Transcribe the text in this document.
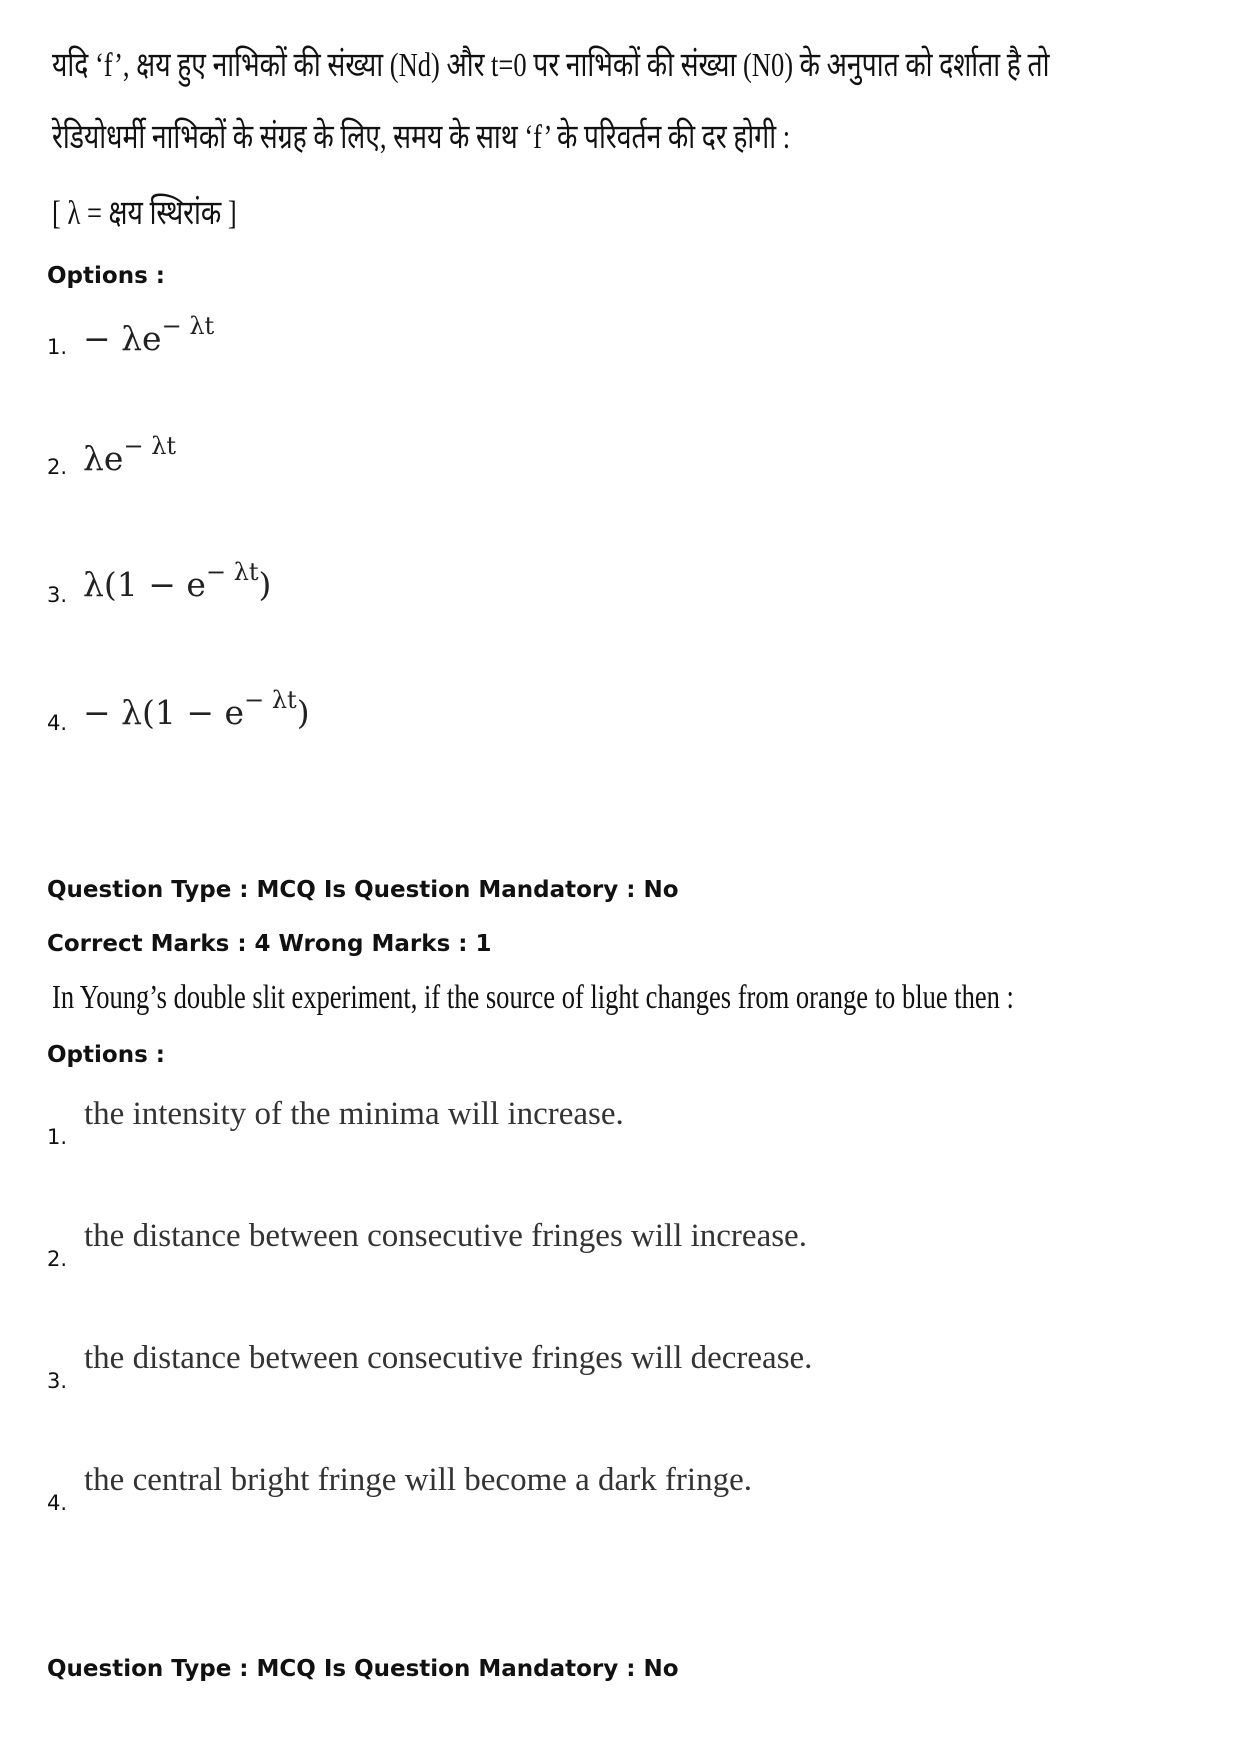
यदि ‘f’, क्षय हुए नाभिकों की संख्या (Nd) और t=0 पर नाभिकों की संख्या (N0) के अनुपात को दर्शाता है तो
रेडियोधर्मी नाभिकों के संग्रह के लिए, समय के साथ ‘f’ के परिवर्तन की दर होगी :
[ λ = क्षय स्थिरांक ]
Options :
1. − $\lambda e^{- \lambda t}$
2. $\lambda e^{- \lambda t}$
3. $\lambda(1 - e^{- \lambda t})$
4. − $\lambda(1 - e^{- \lambda t})$
Question Type : MCQ Is Question Mandatory : No
Correct Marks : 4 Wrong Marks : 1
In Young’s double slit experiment, if the source of light changes from orange to blue then :
Options :
1.
the intensity of the minima will increase.
2.
the distance between consecutive fringes will increase.
3.
the distance between consecutive fringes will decrease.
4.
the central bright fringe will become a dark fringe.
Question Type : MCQ Is Question Mandatory : No
